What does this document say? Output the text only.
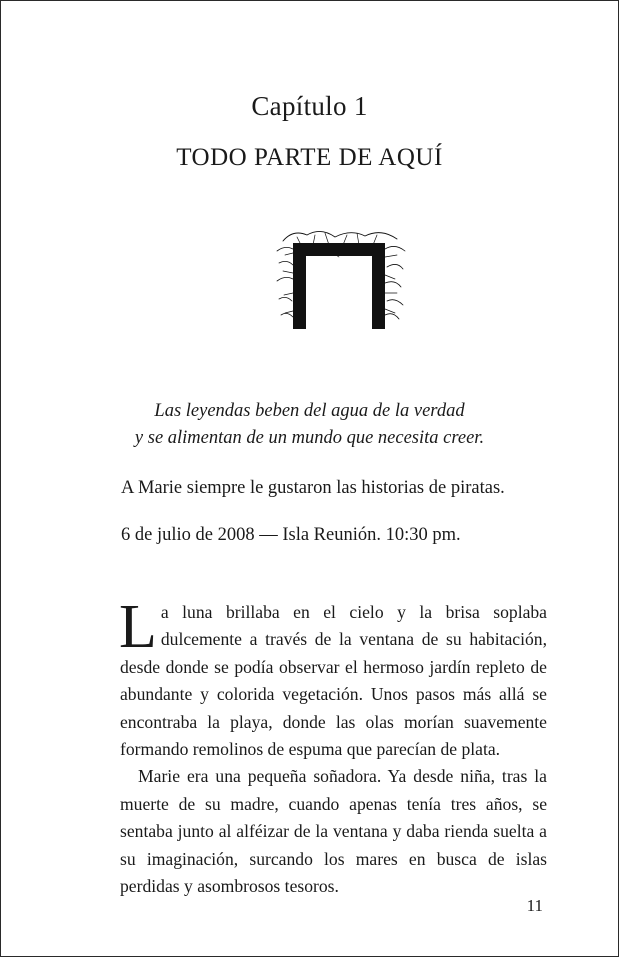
Capítulo 1
TODO PARTE DE AQUÍ
Las leyendas beben del agua de la verdad
y se alimentan de un mundo que necesita creer.
A Marie siempre le gustaron las historias de piratas.
6 de julio de 2008 — Isla Reunión. 10:30 pm.

La luna brillaba en el cielo y la brisa soplaba dulcemente a través de la ventana de su habitación, desde donde se podía observar el hermoso jardín repleto de abundante y colorida vegetación. Unos pasos más allá se encontraba la playa, donde las olas morían suavemente formando remolinos de espuma que parecían de plata.

Marie era una pequeña soñadora. Ya desde niña, tras la muerte de su madre, cuando apenas tenía tres años, se sentaba junto al alféizar de la ventana y daba rienda suelta a su imaginación, surcando los mares en busca de islas perdidas y asombrosos tesoros.

11
